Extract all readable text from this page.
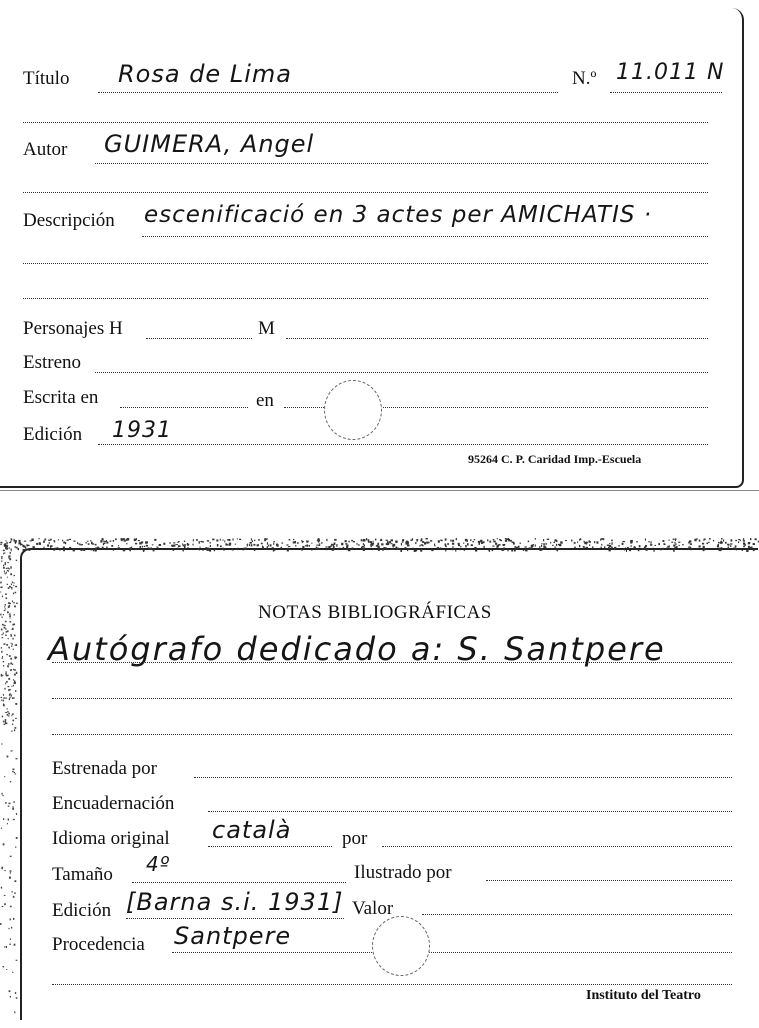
Título Rosa de Lima	N.º 11.011 N
Autor GUIMERA, Angel
Descripción escenificació en 3 actes per AMICHATIS ·
Personajes H	M
Estreno
Escrita en	en
Edición 1931
95264 C. P. Caridad Imp.-Escuela
NOTAS BIBLIOGRÁFICAS
Autógrafo dedicado a: S. Santpere
Estrenada por
Encuadernación
Idioma original català	por
Tamaño 4º	Ilustrado por
Edición [Barna s.i. 1931] Valor
Procedencia Santpere
Instituto del Teatro
